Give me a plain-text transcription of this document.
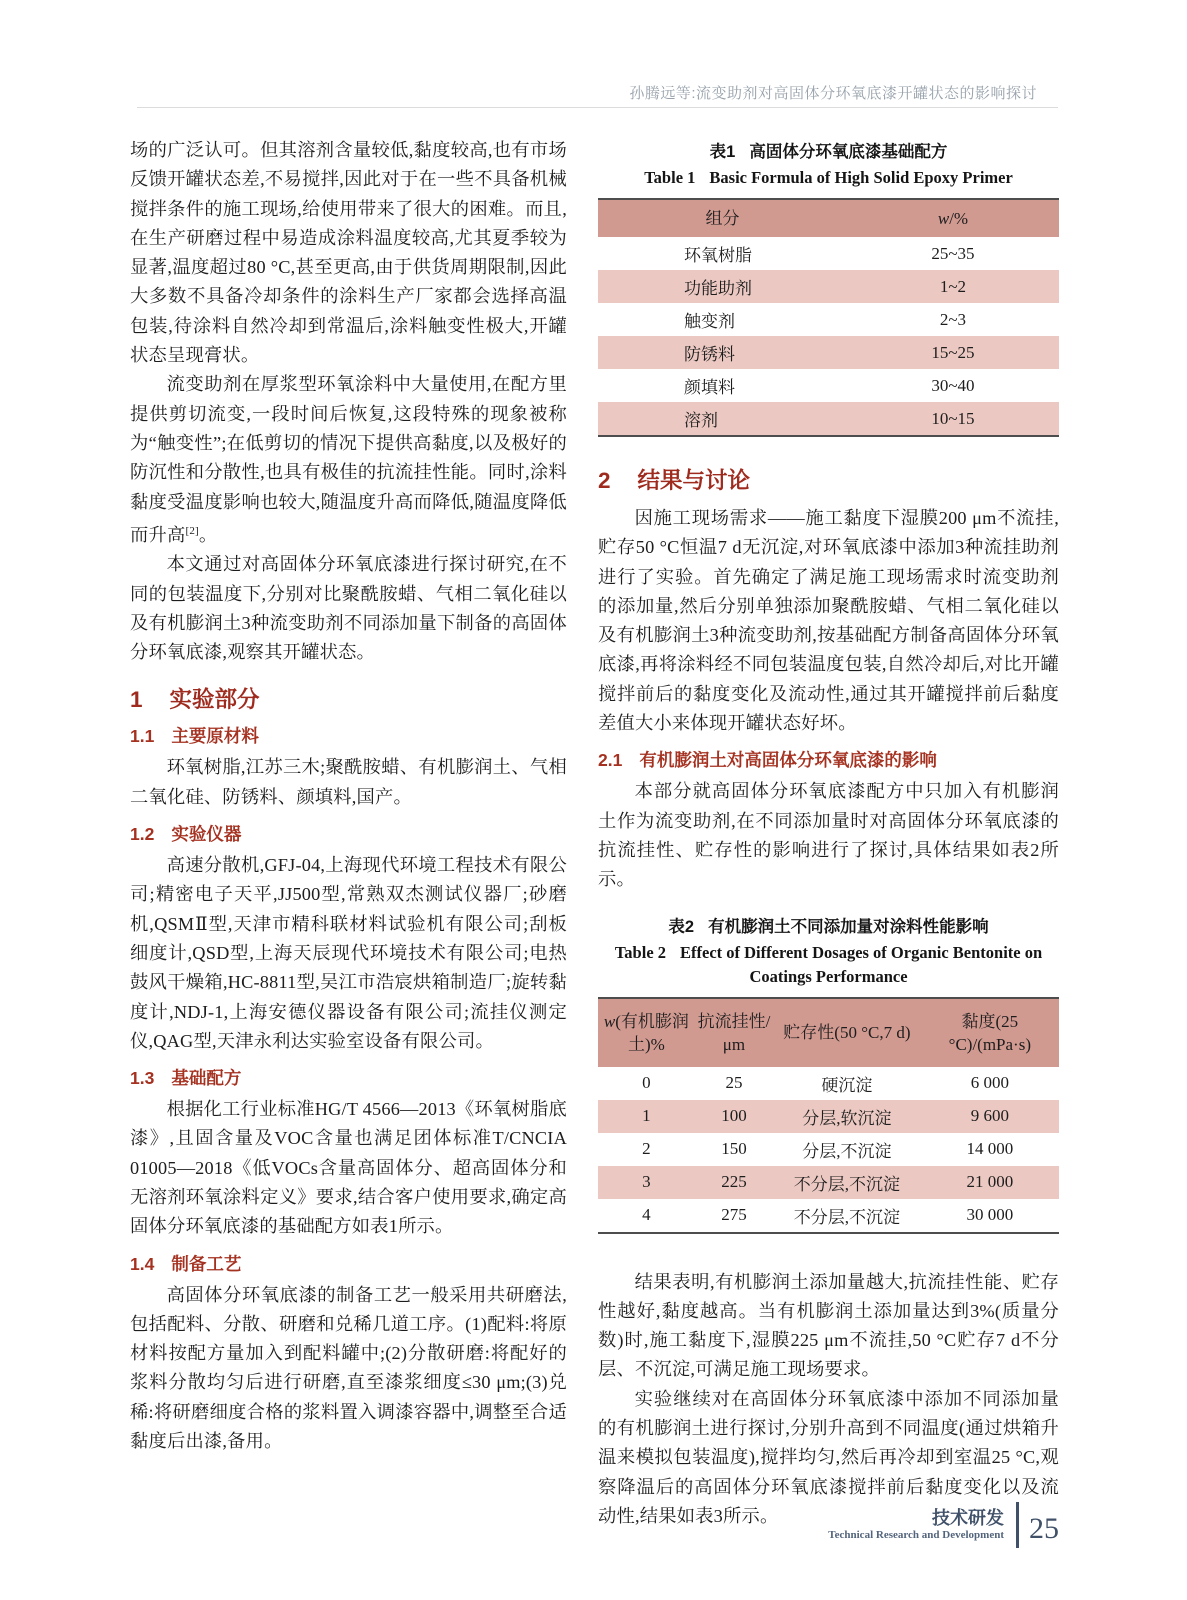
孙腾远等:流变助剂对高固体分环氧底漆开罐状态的影响探讨

场的广泛认可。但其溶剂含量较低,黏度较高,也有市场反馈开罐状态差,不易搅拌,因此对于在一些不具备机械搅拌条件的施工现场,给使用带来了很大的困难。而且,在生产研磨过程中易造成涂料温度较高,尤其夏季较为显著,温度超过80 °C,甚至更高,由于供货周期限制,因此大多数不具备冷却条件的涂料生产厂家都会选择高温包装,待涂料自然冷却到常温后,涂料触变性极大,开罐状态呈现膏状。

流变助剂在厚浆型环氧涂料中大量使用,在配方里提供剪切流变,一段时间后恢复,这段特殊的现象被称为“触变性”;在低剪切的情况下提供高黏度,以及极好的防沉性和分散性,也具有极佳的抗流挂性能。同时,涂料黏度受温度影响也较大,随温度升高而降低,随温度降低而升高[2]。

本文通过对高固体分环氧底漆进行探讨研究,在不同的包装温度下,分别对比聚酰胺蜡、气相二氧化硅以及有机膨润土3种流变助剂不同添加量下制备的高固体分环氧底漆,观察其开罐状态。

1 实验部分
1.1 主要原材料

环氧树脂,江苏三木;聚酰胺蜡、有机膨润土、气相二氧化硅、防锈料、颜填料,国产。

1.2 实验仪器

高速分散机,GFJ-04,上海现代环境工程技术有限公司;精密电子天平,JJ500型,常熟双杰测试仪器厂;砂磨机,QSMⅡ型,天津市精科联材料试验机有限公司;刮板细度计,QSD型,上海天辰现代环境技术有限公司;电热鼓风干燥箱,HC-8811型,吴江市浩宸烘箱制造厂;旋转黏度计,NDJ-1,上海安德仪器设备有限公司;流挂仪测定仪,QAG型,天津永利达实验室设备有限公司。

1.3 基础配方

根据化工行业标准HG/T 4566—2013《环氧树脂底漆》,且固含量及VOC含量也满足团体标准T/CNCIA 01005—2018《低VOCs含量高固体分、超高固体分和无溶剂环氧涂料定义》要求,结合客户使用要求,确定高固体分环氧底漆的基础配方如表1所示。

1.4 制备工艺

高固体分环氧底漆的制备工艺一般采用共研磨法,包括配料、分散、研磨和兑稀几道工序。(1)配料:将原材料按配方量加入到配料罐中;(2)分散研磨:将配好的浆料分散均匀后进行研磨,直至漆浆细度≤30 μm;(3)兑稀:将研磨细度合格的浆料置入调漆容器中,调整至合适黏度后出漆,备用。

表1 高固体分环氧底漆基础配方
Table 1 Basic Formula of High Solid Epoxy Primer
组分	w/%
环氧树脂	25~35
功能助剂	1~2
触变剂	2~3
防锈料	15~25
颜填料	30~40
溶剂	10~15
2 结果与讨论

因施工现场需求——施工黏度下湿膜200 μm不流挂,贮存50 °C恒温7 d无沉淀,对环氧底漆中添加3种流挂助剂进行了实验。首先确定了满足施工现场需求时流变助剂的添加量,然后分别单独添加聚酰胺蜡、气相二氧化硅以及有机膨润土3种流变助剂,按基础配方制备高固体分环氧底漆,再将涂料经不同包装温度包装,自然冷却后,对比开罐搅拌前后的黏度变化及流动性,通过其开罐搅拌前后黏度差值大小来体现开罐状态好坏。

2.1 有机膨润土对高固体分环氧底漆的影响

本部分就高固体分环氧底漆配方中只加入有机膨润土作为流变助剂,在不同添加量时对高固体分环氧底漆的抗流挂性、贮存性的影响进行了探讨,具体结果如表2所示。

表2 有机膨润土不同添加量对涂料性能影响
Table 2 Effect of Different Dosages of Organic Bentonite on Coatings Performance
w(有机膨润土)%	抗流挂性/μm	贮存性(50 °C,7 d)	黏度(25 °C)/(mPa·s)
0	25	硬沉淀	6 000
1	100	分层,软沉淀	9 600
2	150	分层,不沉淀	14 000
3	225	不分层,不沉淀	21 000
4	275	不分层,不沉淀	30 000

结果表明,有机膨润土添加量越大,抗流挂性能、贮存性越好,黏度越高。当有机膨润土添加量达到3%(质量分数)时,施工黏度下,湿膜225 μm不流挂,50 °C贮存7 d不分层、不沉淀,可满足施工现场要求。

实验继续对在高固体分环氧底漆中添加不同添加量的有机膨润土进行探讨,分别升高到不同温度(通过烘箱升温来模拟包装温度),搅拌均匀,然后再冷却到室温25 °C,观察降温后的高固体分环氧底漆搅拌前后黏度变化以及流动性,结果如表3所示。	技术研发
Technical Research and Development 25
